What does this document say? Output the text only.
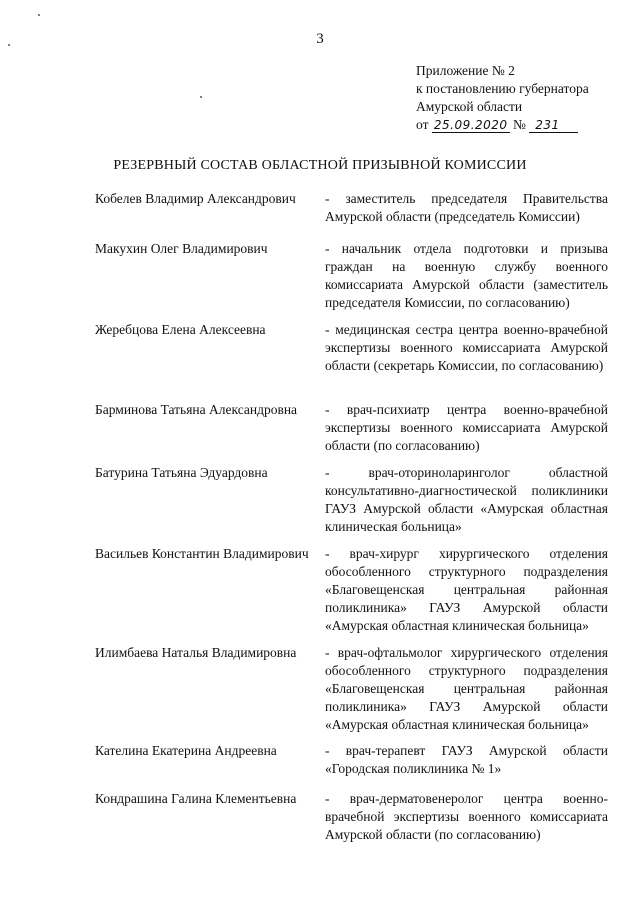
3
Приложение № 2
к постановлению губернатора
Амурской области
от 25.09.2020 № 231
РЕЗЕРВНЫЙ СОСТАВ ОБЛАСТНОЙ ПРИЗЫВНОЙ КОМИССИИ
Кобелев Владимир Александрович	- заместитель председателя Правительства Амурской области (председатель Комиссии)
Макухин Олег Владимирович	- начальник отдела подготовки и призыва граждан на военную службу военного комиссариата Амурской области (заместитель председателя Комиссии, по согласованию)
Жеребцова Елена Алексеевна	- медицинская сестра центра военно-врачебной экспертизы военного комиссариата Амурской области (секретарь Комиссии, по согласованию)
Барминова Татьяна Александровна	- врач-психиатр центра военно-врачебной экспертизы военного комиссариата Амурской области (по согласованию)
Батурина Татьяна Эдуардовна	- врач-оториноларинголог областной консультативно-диагностической поликлиники ГАУЗ Амурской области «Амурская областная клиническая больница»
Васильев Константин Владимирович	- врач-хирург хирургического отделения обособленного структурного подразделения «Благовещенская центральная районная поликлиника» ГАУЗ Амурской области «Амурская областная клиническая больница»
Илимбаева Наталья Владимировна	- врач-офтальмолог хирургического отделения обособленного структурного подразделения «Благовещенская центральная районная поликлиника» ГАУЗ Амурской области «Амурская областная клиническая больница»
Кателина Екатерина Андреевна	- врач-терапевт ГАУЗ Амурской области «Городская поликлиника № 1»
Кондрашина Галина Клементьевна	- врач-дерматовенеролог центра военно-врачебной экспертизы военного комиссариата Амурской области (по согласованию)
